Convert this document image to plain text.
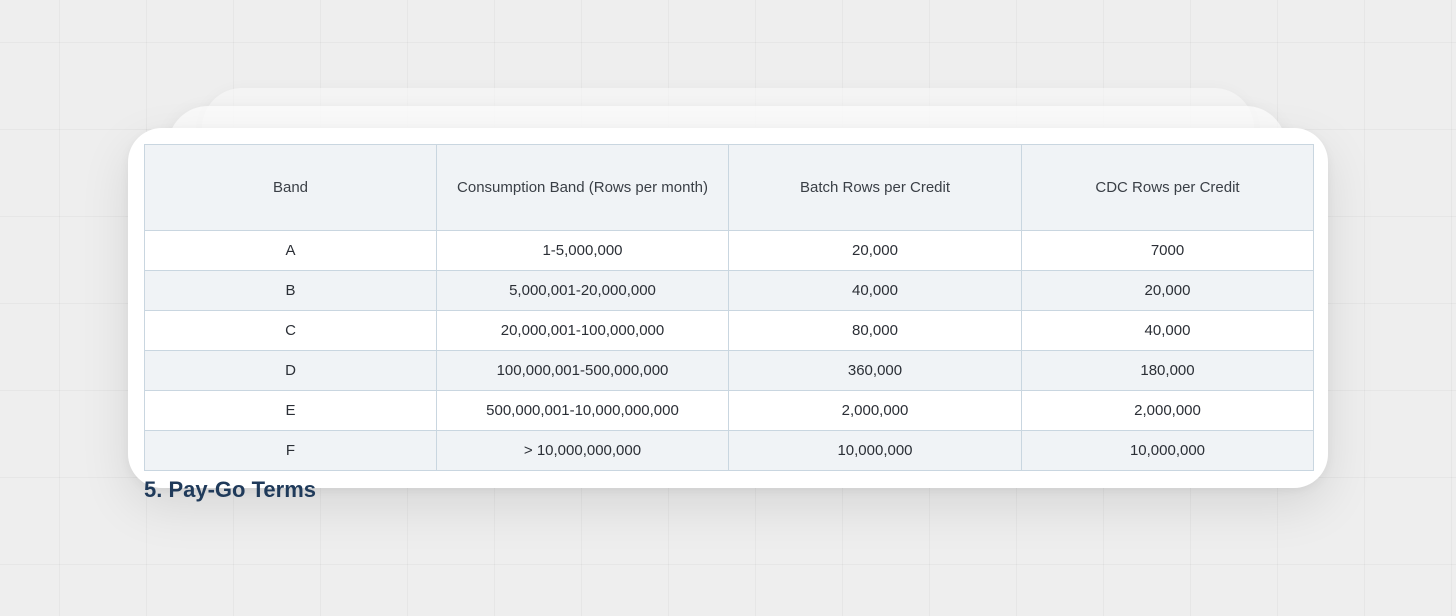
Band	Consumption Band (Rows per month)	Batch Rows per Credit	CDC Rows per Credit
A	1-5,000,000	20,000	7000
B	5,000,001-20,000,000	40,000	20,000
C	20,000,001-100,000,000	80,000	40,000
D	100,000,001-500,000,000	360,000	180,000
E	500,000,001-10,000,000,000	2,000,000	2,000,000
F	> 10,000,000,000	10,000,000	10,000,000
5. Pay-Go Terms
